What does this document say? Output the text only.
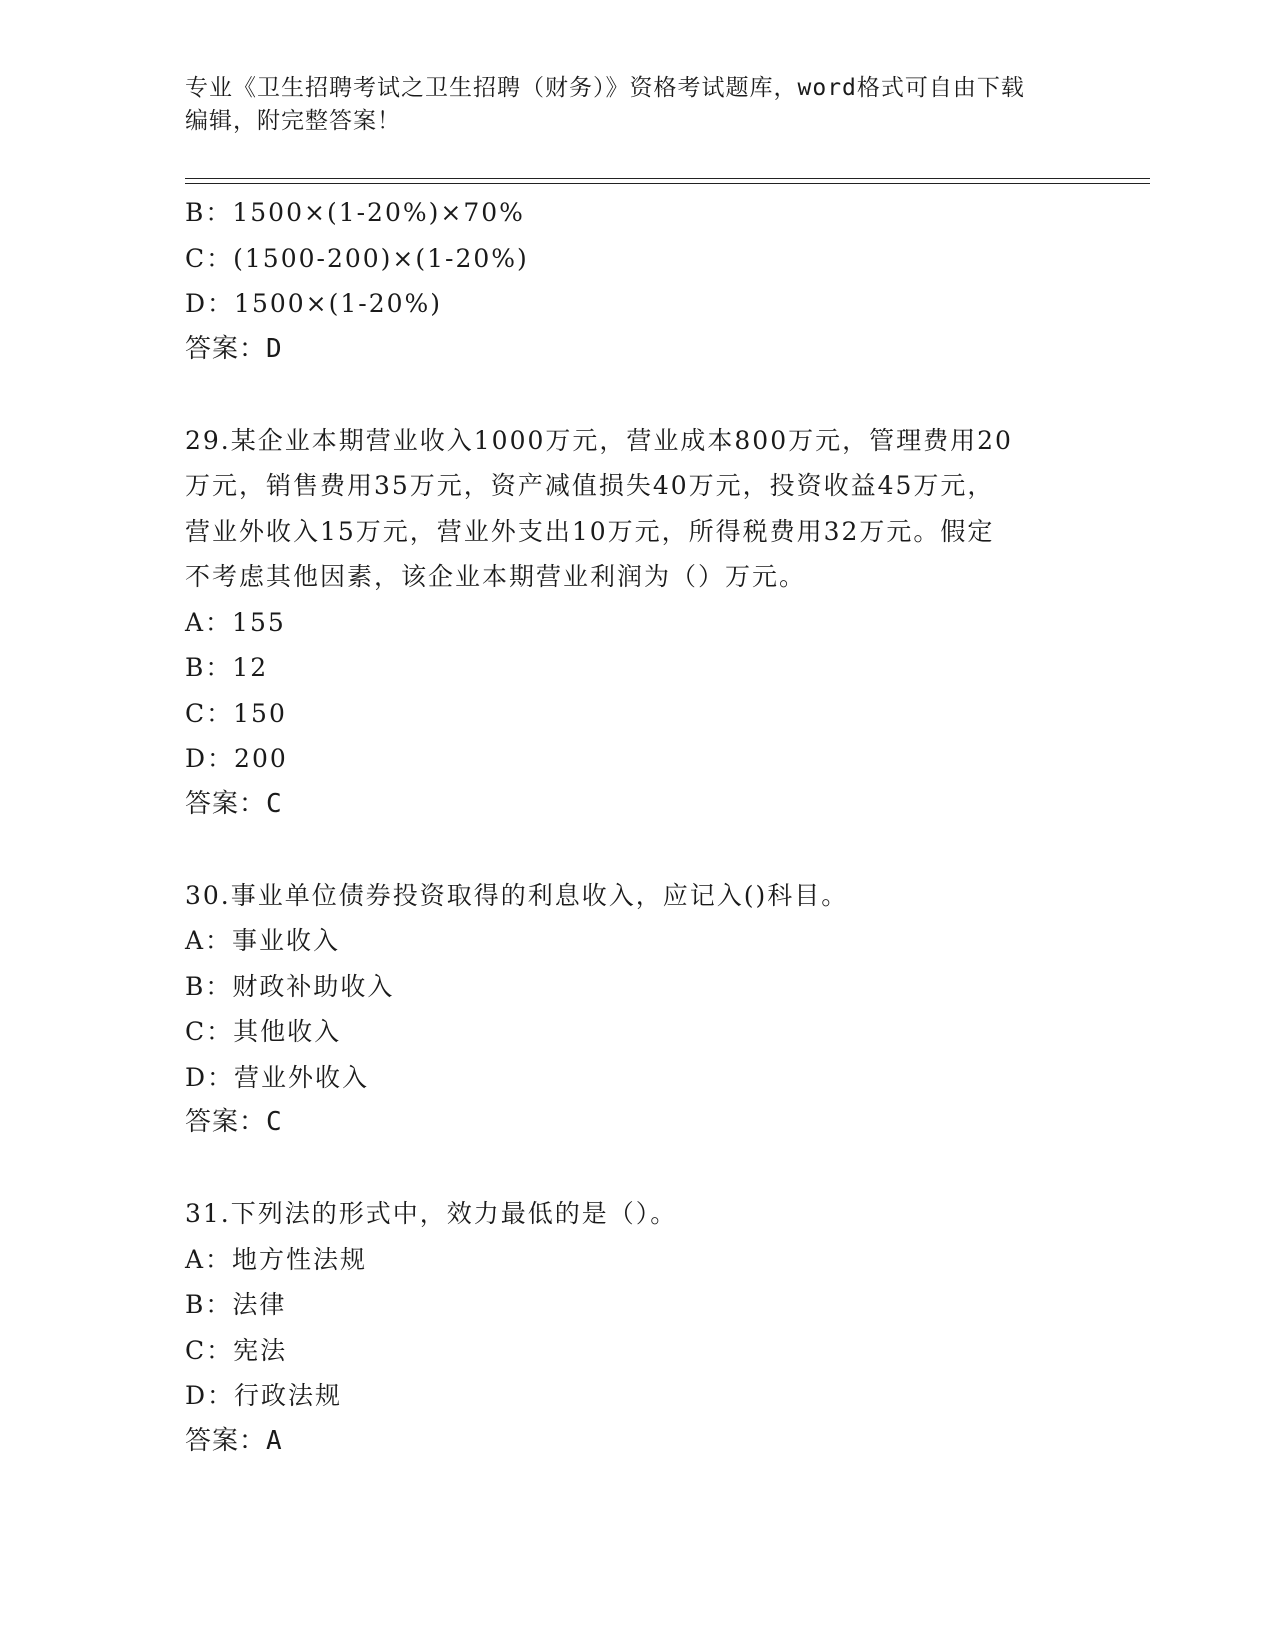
专业《卫生招聘考试之卫生招聘（财务）》资格考试题库，word格式可自由下载
编辑，附完整答案！
B：1500×(1-20%)×70%
C：(1500-200)×(1-20%)
D：1500×(1-20%)
答案：D
29.某企业本期营业收入1000万元，营业成本800万元，管理费用20
万元，销售费用35万元，资产减值损失40万元，投资收益45万元，
营业外收入15万元，营业外支出10万元，所得税费用32万元。假定
不考虑其他因素，该企业本期营业利润为（）万元。
A：155
B：12
C：150
D：200
答案：C
30.事业单位债券投资取得的利息收入，应记入()科目。
A：事业收入
B：财政补助收入
C：其他收入
D：营业外收入
答案：C
31.下列法的形式中，效力最低的是（）。
A：地方性法规
B：法律
C：宪法
D：行政法规
答案：A
